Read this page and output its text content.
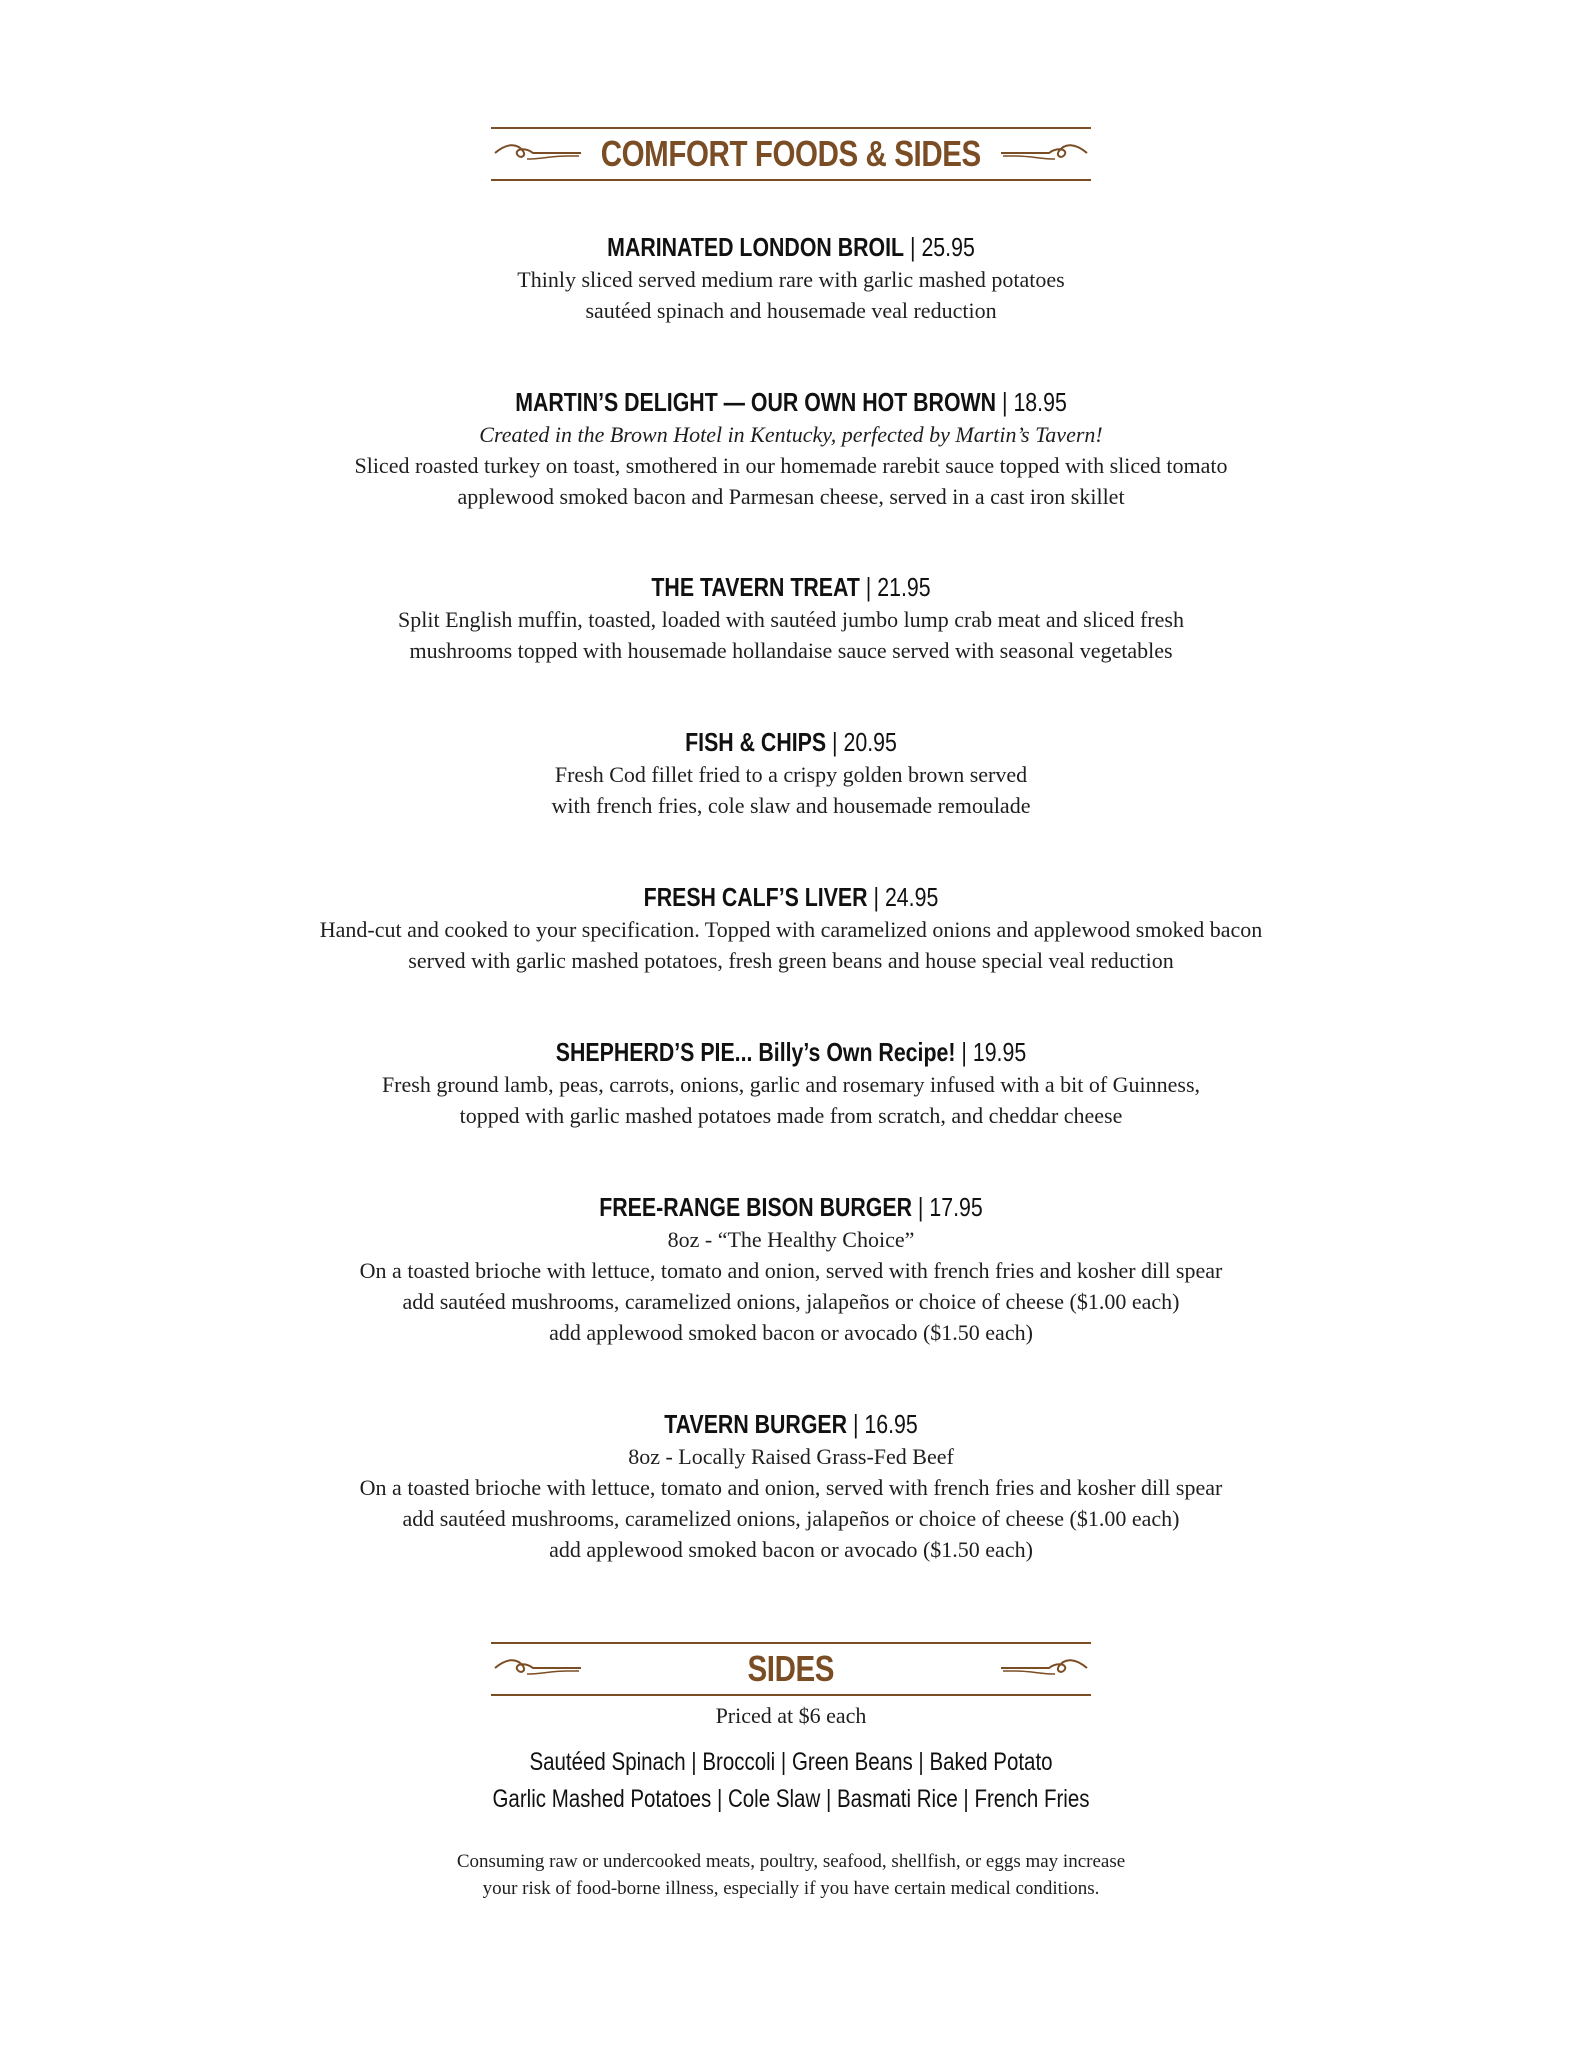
COMFORT FOODS & SIDES
MARINATED LONDON BROIL | 25.95

Thinly sliced served medium rare with garlic mashed potatoes

sautéed spinach and housemade veal reduction

MARTIN’S DELIGHT — OUR OWN HOT BROWN | 18.95

Created in the Brown Hotel in Kentucky, perfected by Martin’s Tavern!

Sliced roasted turkey on toast, smothered in our homemade rarebit sauce topped with sliced tomato

applewood smoked bacon and Parmesan cheese, served in a cast iron skillet

THE TAVERN TREAT | 21.95

Split English muffin, toasted, loaded with sautéed jumbo lump crab meat and sliced fresh

mushrooms topped with housemade hollandaise sauce served with seasonal vegetables

FISH & CHIPS | 20.95

Fresh Cod fillet fried to a crispy golden brown served

with french fries, cole slaw and housemade remoulade

FRESH CALF’S LIVER | 24.95

Hand-cut and cooked to your specification. Topped with caramelized onions and applewood smoked bacon

served with garlic mashed potatoes, fresh green beans and house special veal reduction

SHEPHERD’S PIE... Billy’s Own Recipe! | 19.95

Fresh ground lamb, peas, carrots, onions, garlic and rosemary infused with a bit of Guinness,

topped with garlic mashed potatoes made from scratch, and cheddar cheese

FREE-RANGE BISON BURGER | 17.95

8oz - “The Healthy Choice”

On a toasted brioche with lettuce, tomato and onion, served with french fries and kosher dill spear

add sautéed mushrooms, caramelized onions, jalapeños or choice of cheese ($1.00 each)

add applewood smoked bacon or avocado ($1.50 each)

TAVERN BURGER | 16.95

8oz - Locally Raised Grass-Fed Beef

On a toasted brioche with lettuce, tomato and onion, served with french fries and kosher dill spear

add sautéed mushrooms, caramelized onions, jalapeños or choice of cheese ($1.00 each)

add applewood smoked bacon or avocado ($1.50 each)

SIDES
Priced at $6 each
Sautéed Spinach | Broccoli | Green Beans | Baked Potato
Garlic Mashed Potatoes | Cole Slaw | Basmati Rice | French Fries
Consuming raw or undercooked meats, poultry, seafood, shellfish, or eggs may increase
your risk of food-borne illness, especially if you have certain medical conditions.
